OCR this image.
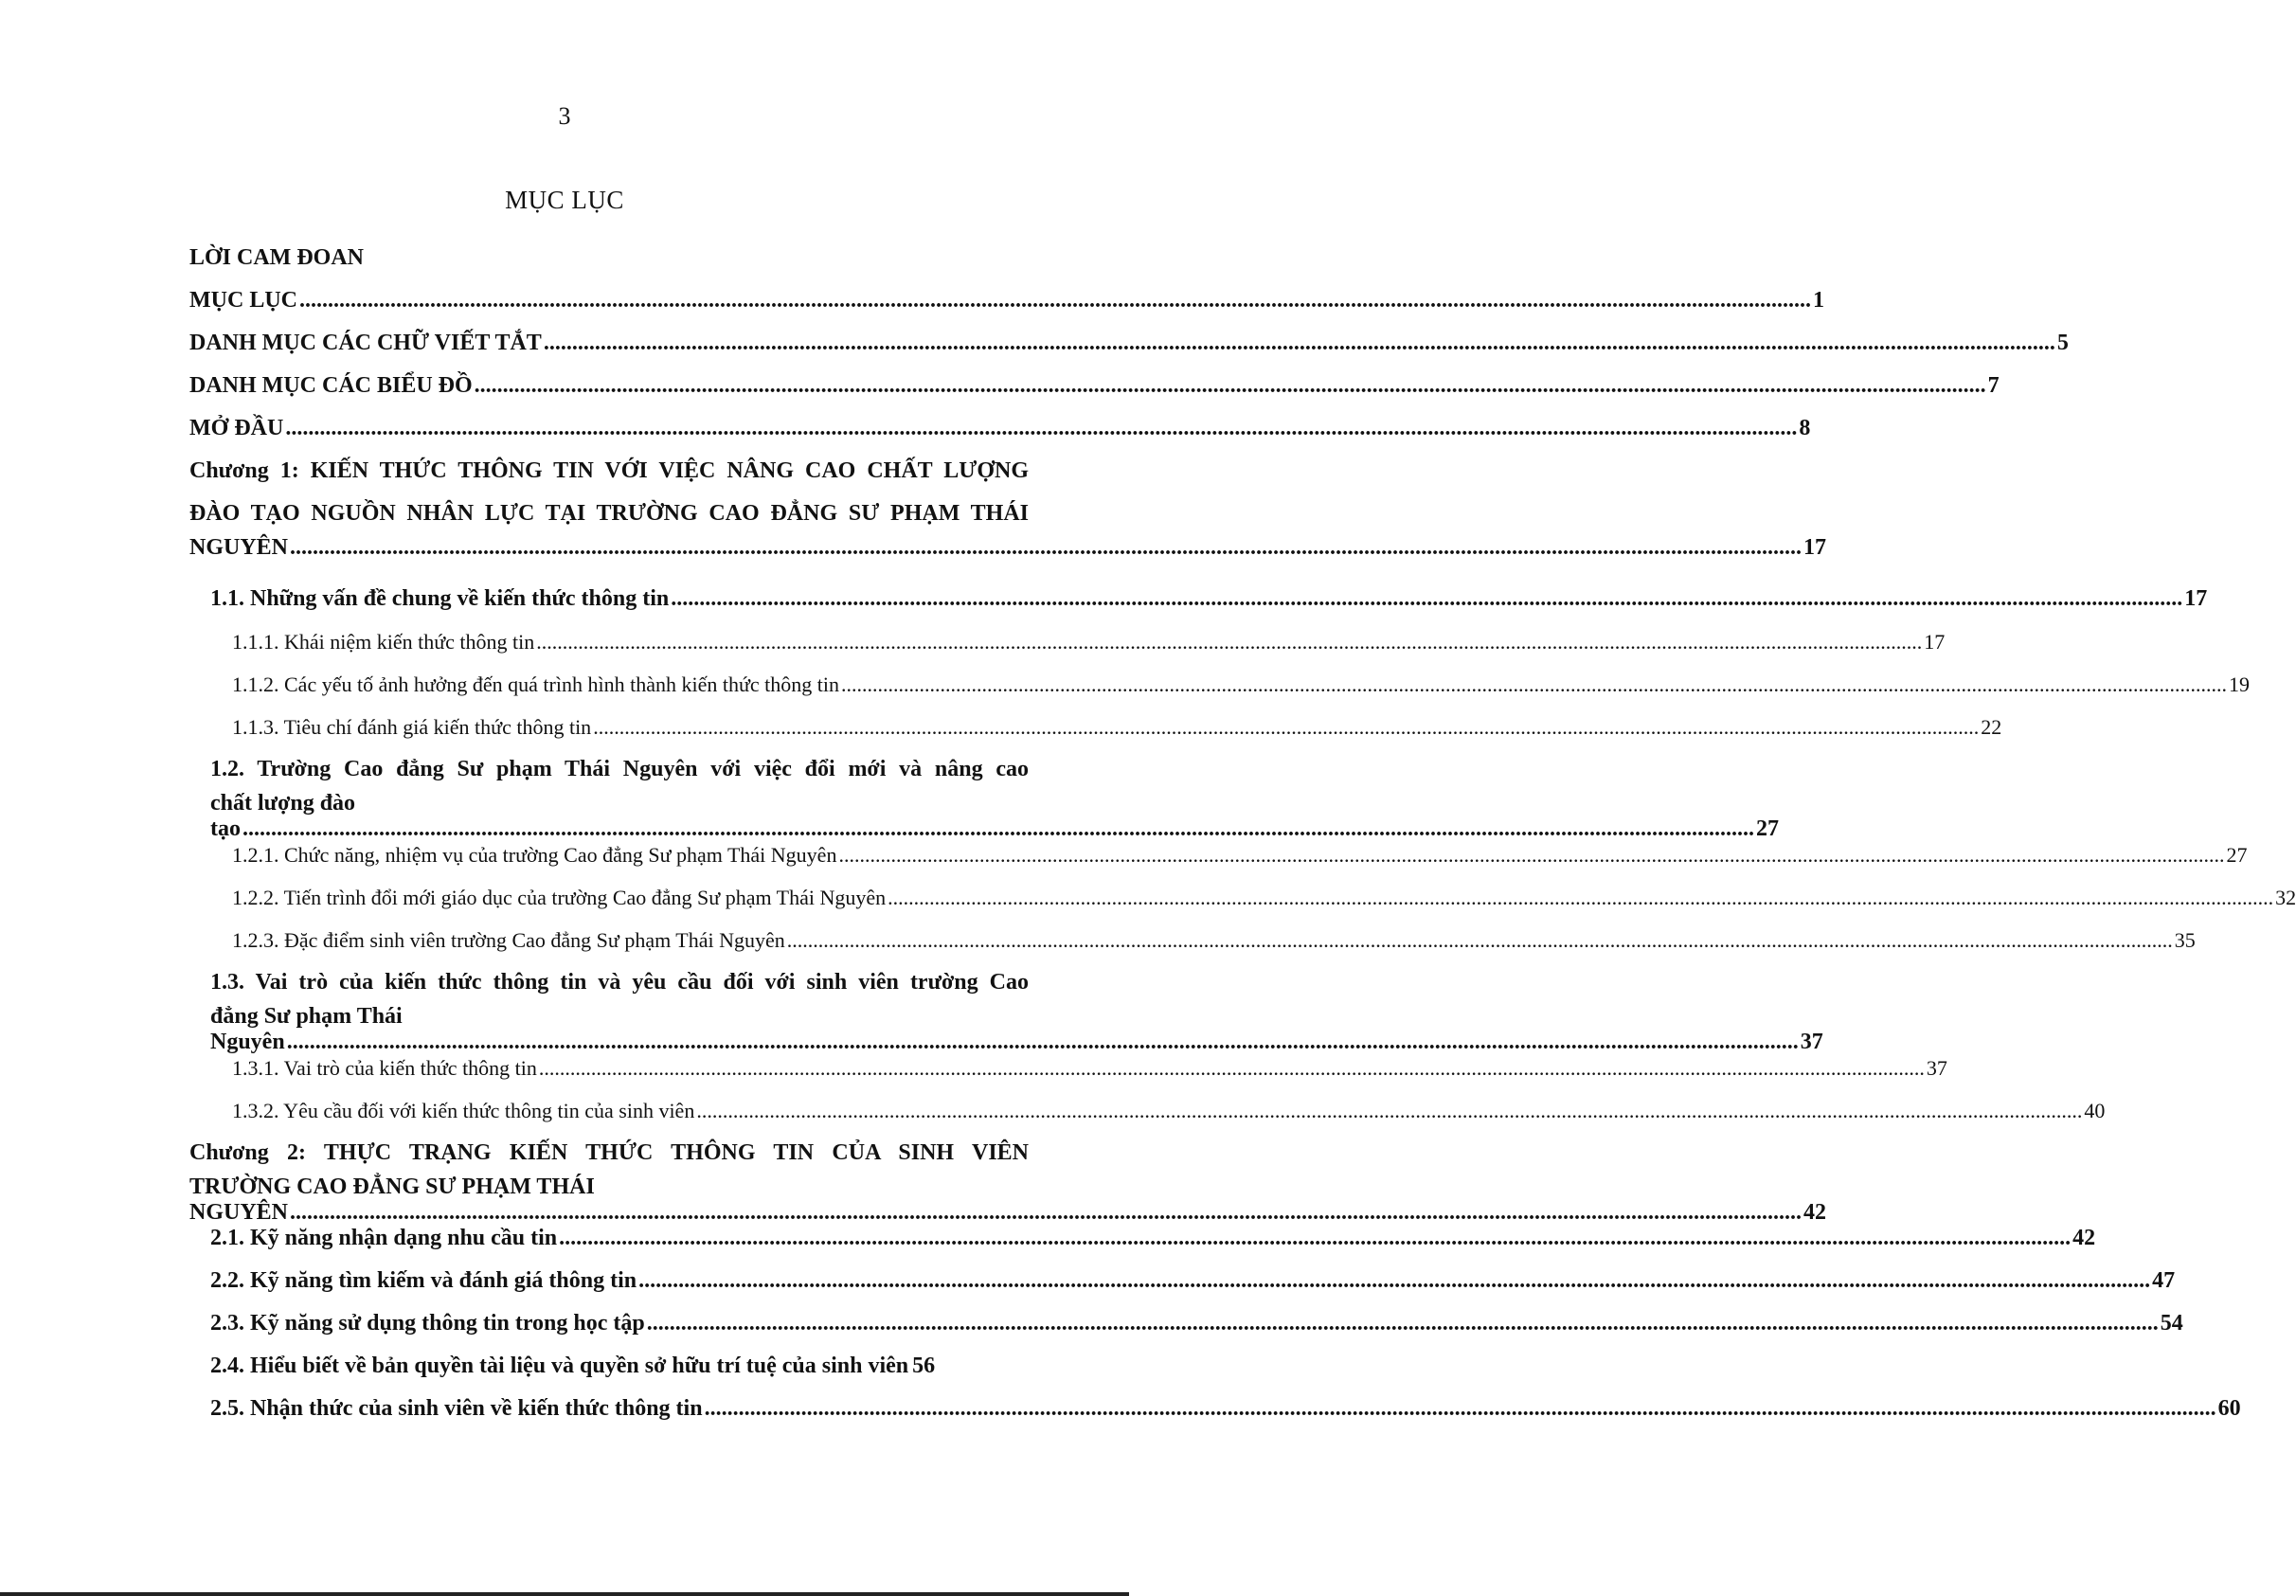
3
MỤC LỤC
LỜI CAM ĐOAN
MỤC LỤC .....	1
DANH MỤC CÁC CHỮ VIẾT TẮT .....	5
DANH MỤC CÁC BIỂU ĐỒ .....	7
MỞ ĐẦU .....	8
Chương 1: KIẾN THỨC THÔNG TIN VỚI VIỆC NÂNG CAO CHẤT LƯỢNG
ĐÀO TẠO NGUỒN NHÂN LỰC TẠI TRƯỜNG CAO ĐẲNG SƯ PHẠM THÁI
NGUYÊN .....	17
1.1. Những vấn đề chung về kiến thức thông tin .....	17
1.1.1. Khái niệm kiến thức thông tin .....	17
1.1.2. Các yếu tố ảnh hưởng đến quá trình hình thành kiến thức thông tin .....	19
1.1.3. Tiêu chí đánh giá kiến thức thông tin .....	22
1.2. Trường Cao đẳng Sư phạm Thái Nguyên với việc đổi mới và nâng cao
chất lượng đào tạo .....	27
1.2.1. Chức năng, nhiệm vụ của trường Cao đẳng Sư phạm Thái Nguyên .....	27
1.2.2. Tiến trình đổi mới giáo dục của trường Cao đẳng Sư phạm Thái Nguyên .....	32
1.2.3. Đặc điểm sinh viên trường Cao đẳng Sư phạm Thái Nguyên .....	35
1.3. Vai trò của kiến thức thông tin và yêu cầu đối với sinh viên trường Cao
đẳng Sư phạm Thái Nguyên .....	37
1.3.1. Vai trò của kiến thức thông tin .....	37
1.3.2. Yêu cầu đối với kiến thức thông tin của sinh viên .....	40
Chương 2: THỰC TRẠNG KIẾN THỨC THÔNG TIN CỦA SINH VIÊN
TRƯỜNG CAO ĐẲNG SƯ PHẠM THÁI NGUYÊN .....	42
2.1. Kỹ năng nhận dạng nhu cầu tin .....	42
2.2. Kỹ năng tìm kiếm và đánh giá thông tin .....	47
2.3. Kỹ năng sử dụng thông tin trong học tập .....	54
2.4. Hiểu biết về bản quyền tài liệu và quyền sở hữu trí tuệ của sinh viên 56
2.5. Nhận thức của sinh viên về kiến thức thông tin .....	60
